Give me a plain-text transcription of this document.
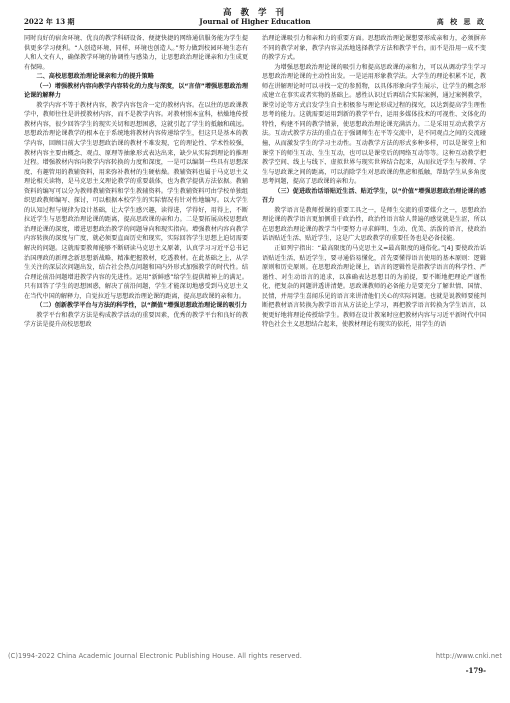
高 教 学 刊
2022 年 13 期	Journal of Higher Education	高 校 思 政

同时良好的宿舍环境、优良的教学科研设备、便捷快捷的网络通信服务能为学生提供更多学习便利。“人创造环境，同样，环境也创造人。”努力做到校园环境生态有人和人文有人，确保教学环境的协调性与感染力，让思想政治理论课亲和力生成更有保障。

二、高校思想政治理论课亲和力的提升策略

（一）增强教材内容向教学内容转化的力度与深度，以“言信”增强思想政治理论课的解释力

教学内容不等于教材内容，教学内容包含一定的教材内容。在以往的思政课教学中，教师往往是讲授教材内容，而不是教学内容。对教材照本宣科，枯燥地传授教材内容，很少回答学生的现实关切和思想困惑，这就引起了学生的抵触和疏远。思想政治理论课教学的根本在于系统地将教材内容传递给学生，但这只是基本的教学内容，回顾目前大学生思想政治课的教材不难发现，它的理论性、学术性较强，教材内容主要由概念、观点、原理等抽象形式表达出来，缺少从实际到理论的推理过程。增强教材内容向教学内容转换的力度和深度，一是可以编制一些具有思想深度、有趣管用的教辅资料，用来弥补教材的生硬枯燥。教辅资料也属于马克思主义理论相关读物，是马克思主义理论教学的重要载体，也为教学提供方法依据。教辅资料的编写可以分为教师教辅资料和学生教辅资料。学生教辅资料可由学校单独组织思政教师编写、探讨，可以根据本校学生的实际情况有针对性地编写。以大学生的认知过程与规律为设计基础，让大学生感兴趣，读得进，学得好，用得上，不断拉近学生与思想政治理论课的距离，提高思政课的亲和力。二是要拓展高校思想政治理论课的深度，增进思想政治教学的问题导向和现实指向。增强教材内容向教学内容转换的深度与广度，就必须要直面历史和现实，实际回答学生思想上迫切需要解决的问题。这就需要教师能够不断研读马克思主义原著，认真学习习近平总书记治国理政的新理念新思想新战略，精准把握教材，吃透教材。在此基础之上，从学生关注的深层次问题出发，结合社会热点问题和国内外形式加强教学的时代性。结合理论前沿问题增进教学内容的先进性。运用“新鲜感”给学生提供精神上的满足。只有回答了学生的思想困惑，解决了前沿问题，学生才能深切地感受到马克思主义在当代中国的解释力，自觉拉近与思想政治理论课的距离，提高思政课的亲和力。

（二）创新教学平台与方法的科学性，以“颜值”增强思想政治理论课的吸引力

教学平台和教学方法是构成教学活动的重要因素，优秀的教学平台和良好的教学方法是提升高校思想政

治理论课吸引力和亲和力的重要方面。思想政治理论课想要形成亲和力，必须摒弃不同的教学对象，教学内容灵活地选择教学方法和教学平台，而不是沿用一成不变的教学方式。

为增强思想政治理论课的吸引力和提高思政课的亲和力，可以从调动学生学习思想政治理论课的主动性出发。一是运用形象教学法。大学生的理论积累不足，教师在讲解理论时可以寻找一定的参照物，以具体形象向学生展示，让学生的概念形成建立在事实或者实物的基础上。感性认识过后再结合实际案例，通过案例教学，课堂讨论等方式启发学生自主积极参与理论形成过程的探究，以达到提高学生理性思考的能力。这就需要运用到新的教学平台，运用多媒体技术的可视性、文体化的特性，构建不同的教学情景，使思想政治理论课充满活力。二是采用互动式教学方法。互动式教学方法的重点在于强调师生在平等交流中，是不同观点之间的交流碰撞，从而激发学生的学习主动性。互动教学方法的形式多种多样，可以是课堂上和课堂下的师生互动、生生互动，也可以是课堂后的网络互动等等。这种互动教学把教学空间、线上与线下、虚拟世界与现实世界结合起来，从而拉近学生与教师、学生与思政课之间的距离，可以消除学生对思政课的焦虑和抵触，帮助学生从多角度思考问题，提高了思政课的亲和力。

（三）促进政治话语贴近生活、贴近学生，以“价值”增强思想政治理论课的感召力

教学语言是教师授课的重要工具之一，是师生交流的重要媒介之一，思想政治理论课的教学语言更加侧重于政治性，政治性语言给人普遍的感觉就是生涩，所以在思想政治理论课的教学当中要努力寻求鲜明、生动、优美、活泼的语言，使政治话语贴近生活、贴近学生，这是广大思政教学的重要任务也是必备技能。

正如列宁指出：“最高限度的马克思主义=最高限度的通俗化。”[4] 要使政治话语贴近生活，贴近学生，要寻通俗易懂化，首先要懂得语言使用的基本原则：逻辑原则和历史原则。在思想政治理论课上，语言的逻辑性是指教学语言的科学性、严谨性、对生动语言的追求，以准确表达思想目的为前提，要不断地把理论严谨性化，把复杂的问题讲透讲清楚。思政课教师的必备能力是要充分了解世情、国情、民情，并用学生喜闻乐见的语言来讲清他们关心的实际问题。也就是说教师要能判断把教材语言转换为教学语言从方法论上学习，再把教学语言转换为学生语言，以便更好地将理论传授给学生。教师在设计教案时应把教材内容与习近平新时代中国特色社会主义思想结合起来，使教材理论有现实的依托，用学生的语

(C)1994-2022 China Academic Journal Electronic Publishing House. All rights reserved.	http://www.cnki.net
-179-
